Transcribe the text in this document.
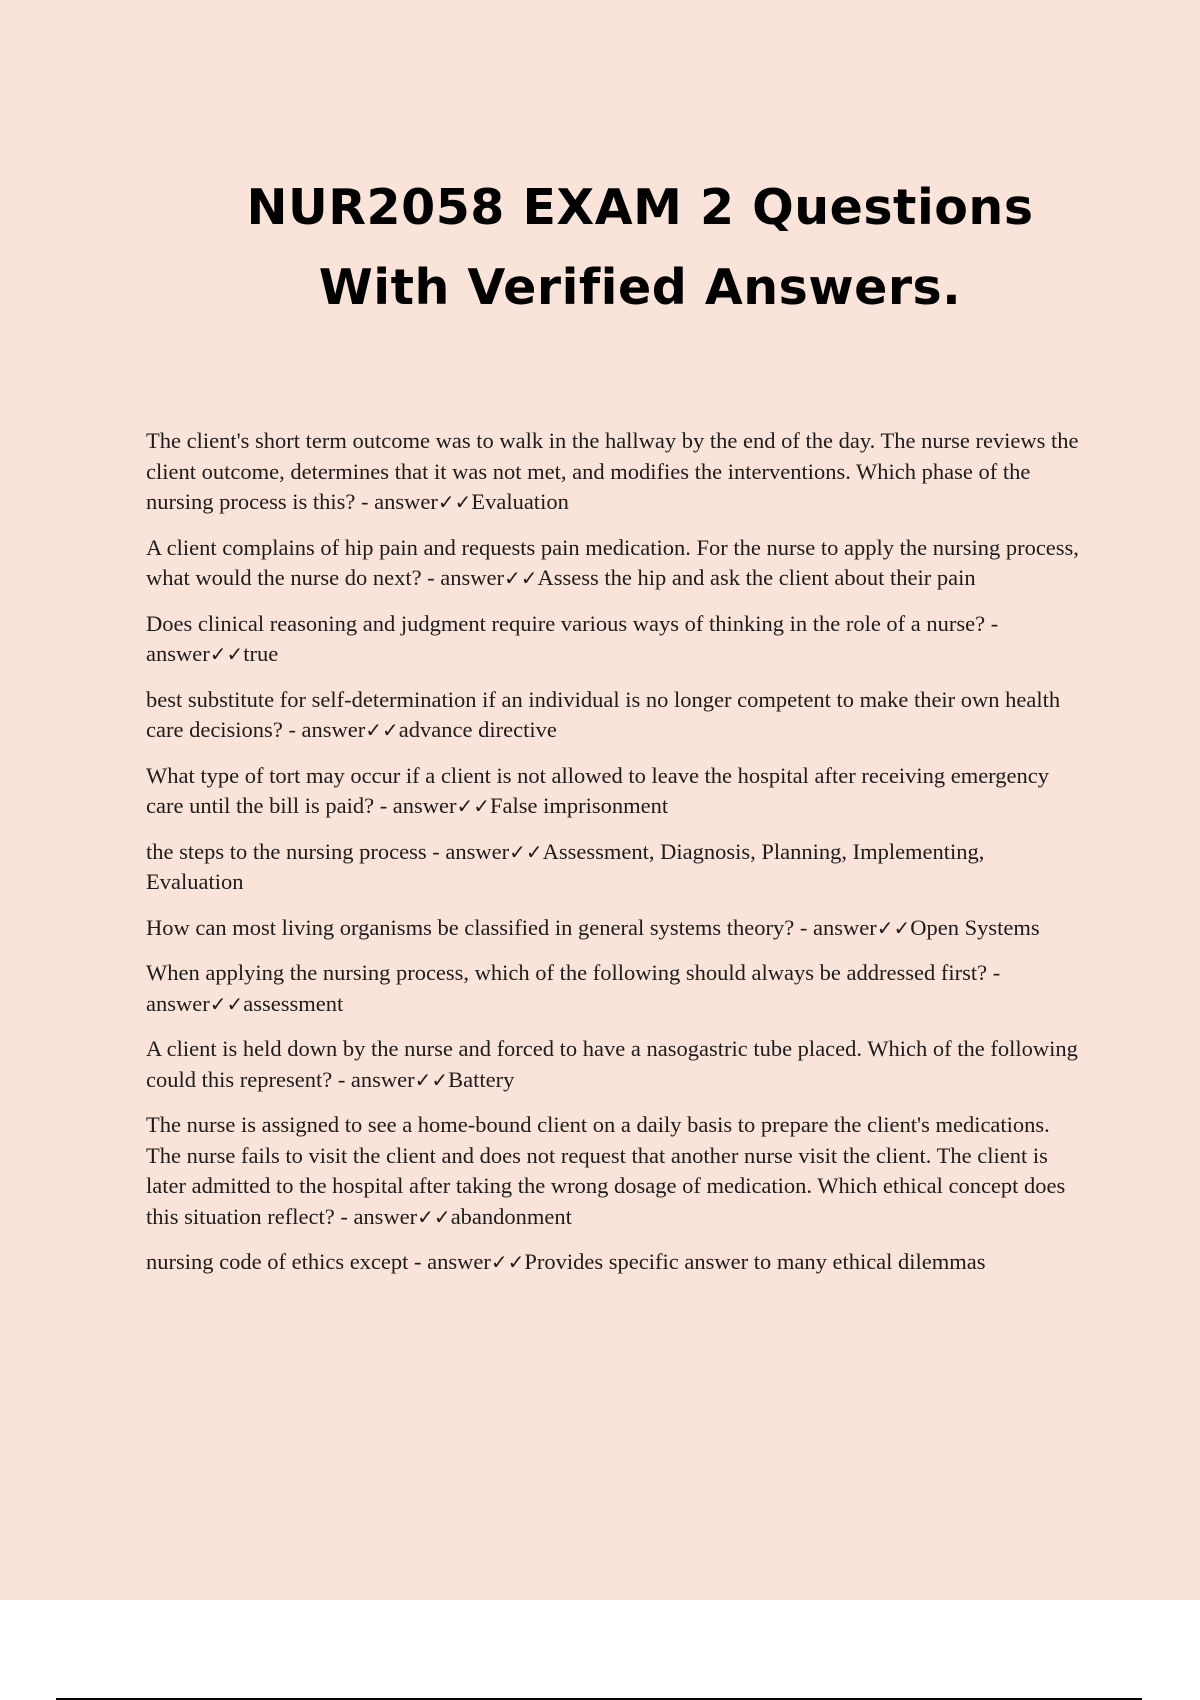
NUR2058 EXAM 2 Questions
With Verified Answers.
The client's short term outcome was to walk in the hallway by the end of the day. The nurse reviews the client outcome, determines that it was not met, and modifies the interventions. Which phase of the nursing process is this? - answer✓✓Evaluation
A client complains of hip pain and requests pain medication. For the nurse to apply the nursing process, what would the nurse do next? - answer✓✓Assess the hip and ask the client about their pain
Does clinical reasoning and judgment require various ways of thinking in the role of a nurse? - answer✓✓true
best substitute for self-determination if an individual is no longer competent to make their own health care decisions? - answer✓✓advance directive
What type of tort may occur if a client is not allowed to leave the hospital after receiving emergency care until the bill is paid? - answer✓✓False imprisonment
the steps to the nursing process - answer✓✓Assessment, Diagnosis, Planning, Implementing, Evaluation
How can most living organisms be classified in general systems theory? - answer✓✓Open Systems
When applying the nursing process, which of the following should always be addressed first? - answer✓✓assessment
A client is held down by the nurse and forced to have a nasogastric tube placed. Which of the following could this represent? - answer✓✓Battery
The nurse is assigned to see a home-bound client on a daily basis to prepare the client's medications. The nurse fails to visit the client and does not request that another nurse visit the client. The client is later admitted to the hospital after taking the wrong dosage of medication. Which ethical concept does this situation reflect? - answer✓✓abandonment
nursing code of ethics except - answer✓✓Provides specific answer to many ethical dilemmas
